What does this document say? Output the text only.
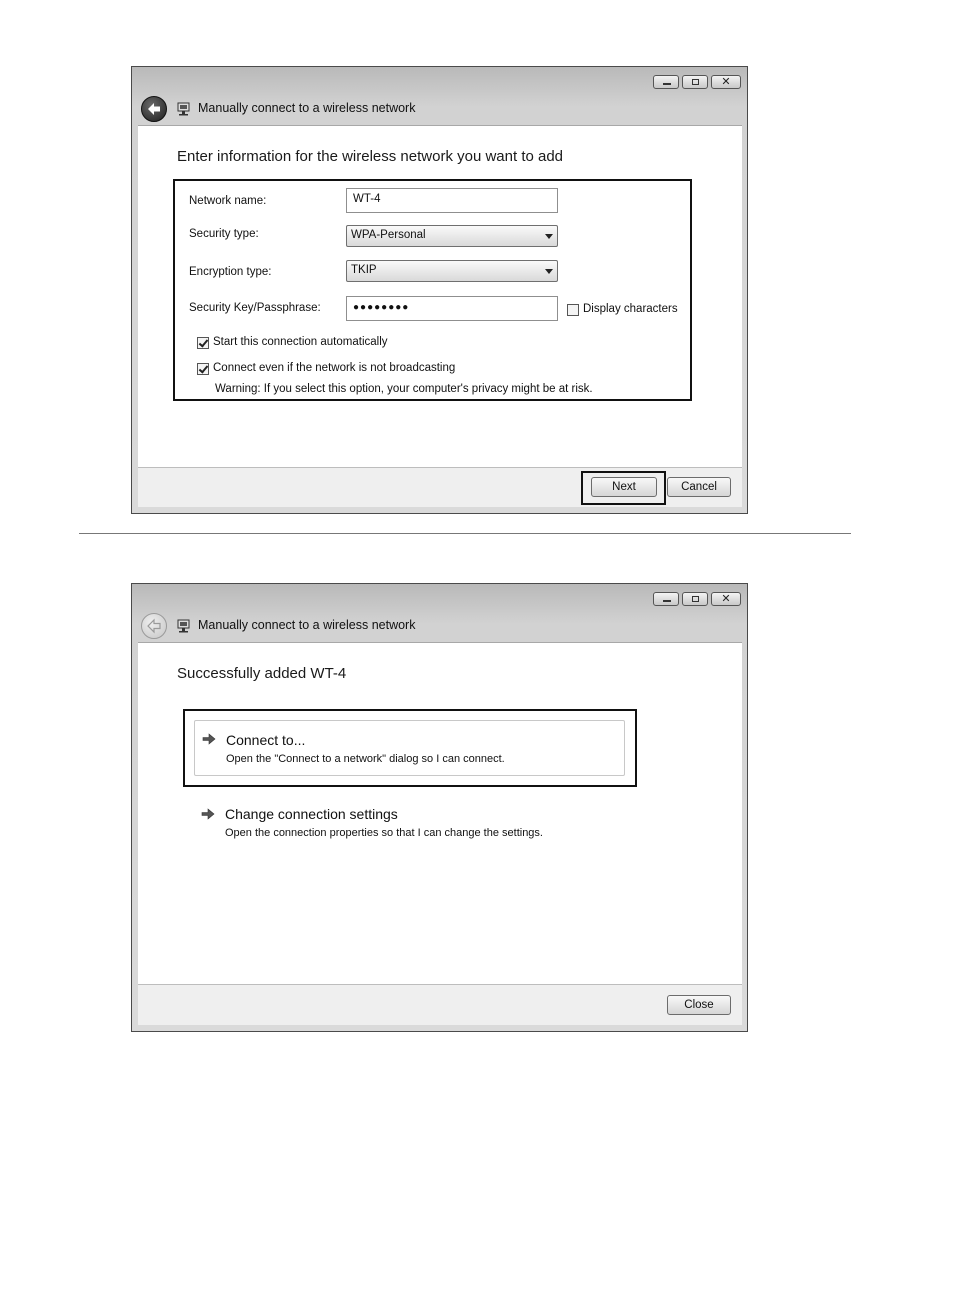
✕
Manually connect to a wireless network
Enter information for the wireless network you want to add
Network name:	WT-4
Security type:	WPA-Personal
Encryption type:	TKIP
Security Key/Passphrase:	●●●●●●●●	Display characters
Start this connection automatically
Connect even if the network is not broadcasting
Warning: If you select this option, your computer's privacy might be at risk.
Next	Cancel
✕
Manually connect to a wireless network
Successfully added WT-4
Connect to...
Open the "Connect to a network" dialog so I can connect.
Change connection settings
Open the connection properties so that I can change the settings.
Close
